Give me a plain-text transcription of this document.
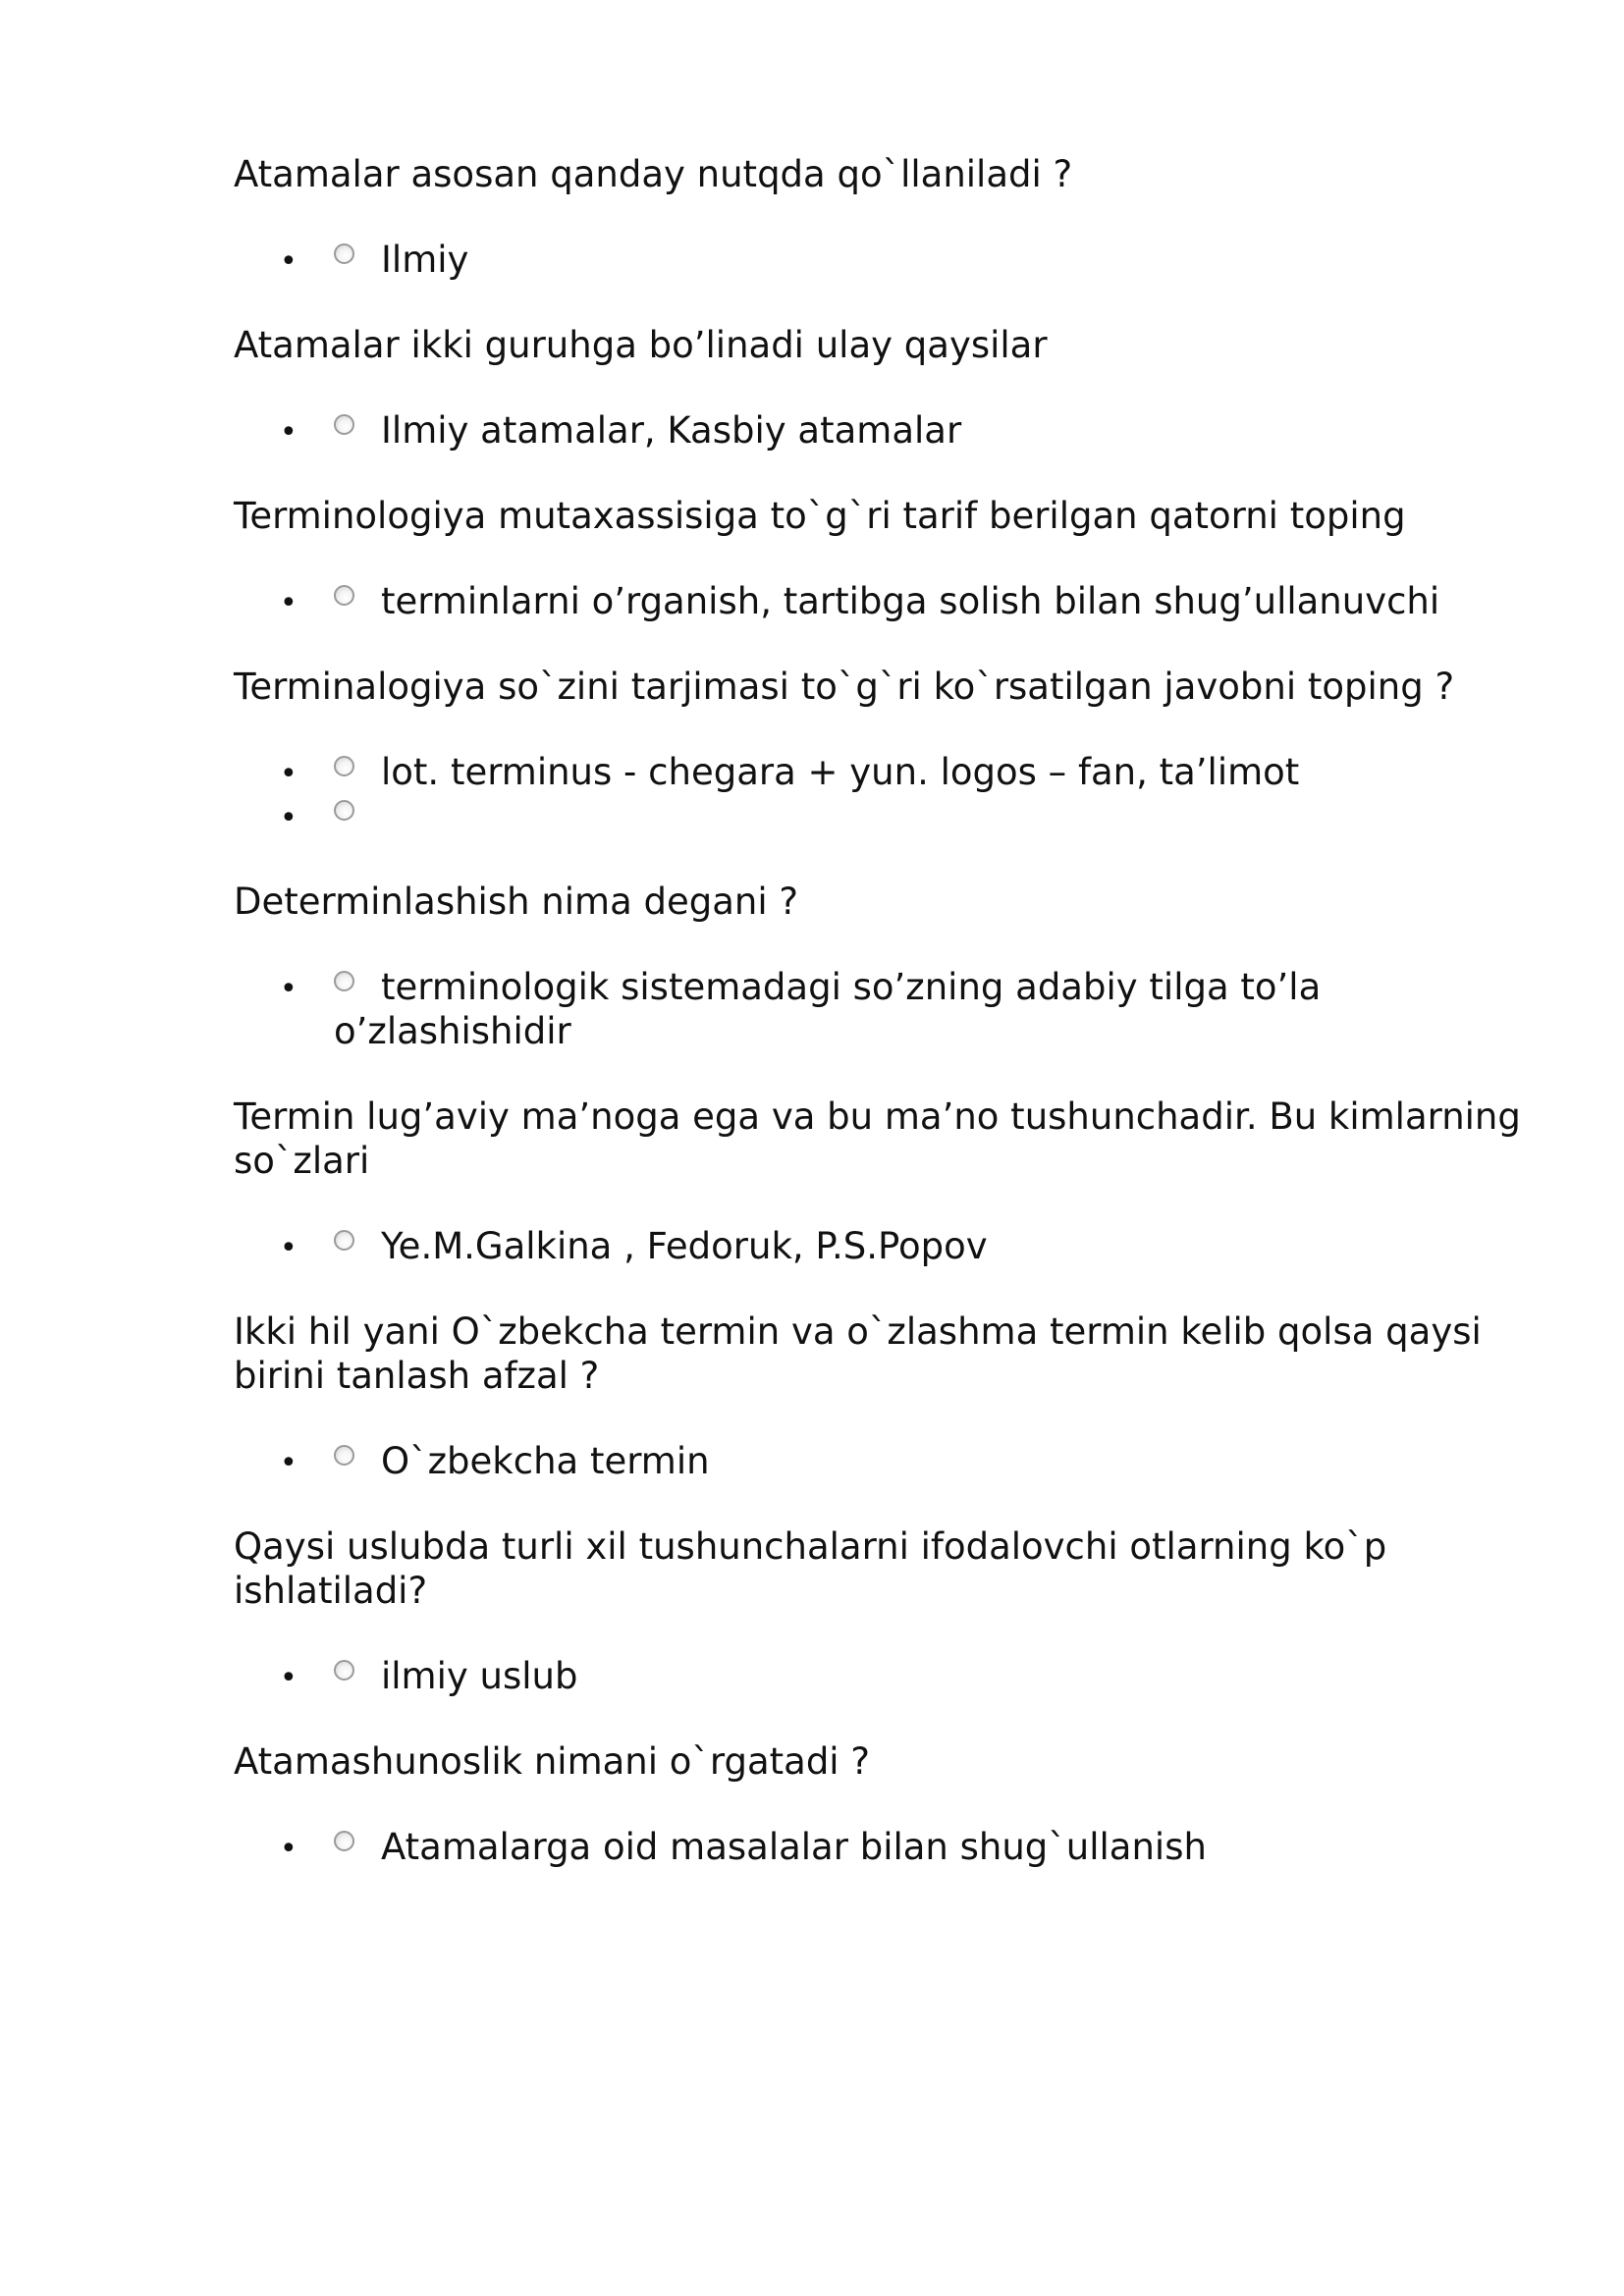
Atamalar asosan qanday nutqda qo`llaniladi ?

•	Ilmiy

Atamalar ikki guruhga bo’linadi ulay qaysilar

•	Ilmiy atamalar, Kasbiy atamalar

Terminologiya mutaxassisiga to`g`ri tarif berilgan qatorni toping

•	terminlarni o’rganish, tartibga solish bilan shug’ullanuvchi

Terminalogiya so`zini tarjimasi to`g`ri ko`rsatilgan javobni toping ?

•	lot. terminus - chegara + yun. logos – fan, ta’limot
•

Determinlashish nima degani ?

•	terminologik sistemadagi so’zning adabiy tilga to’la o’zlashishidir

Termin lug’aviy ma’noga ega va bu ma’no tushunchadir. Bu kimlarning so`zlari

•	Ye.M.Galkina , Fedoruk, P.S.Popov

Ikki hil yani O`zbekcha termin va o`zlashma termin kelib qolsa qaysi birini tanlash afzal ?

•	O`zbekcha termin

Qaysi uslubda turli xil tushunchalarni ifodalovchi otlarning ko`p ishlatiladi?

•	ilmiy uslub

Atamashunoslik nimani o`rgatadi ?

•	Atamalarga oid masalalar bilan shug`ullanish
